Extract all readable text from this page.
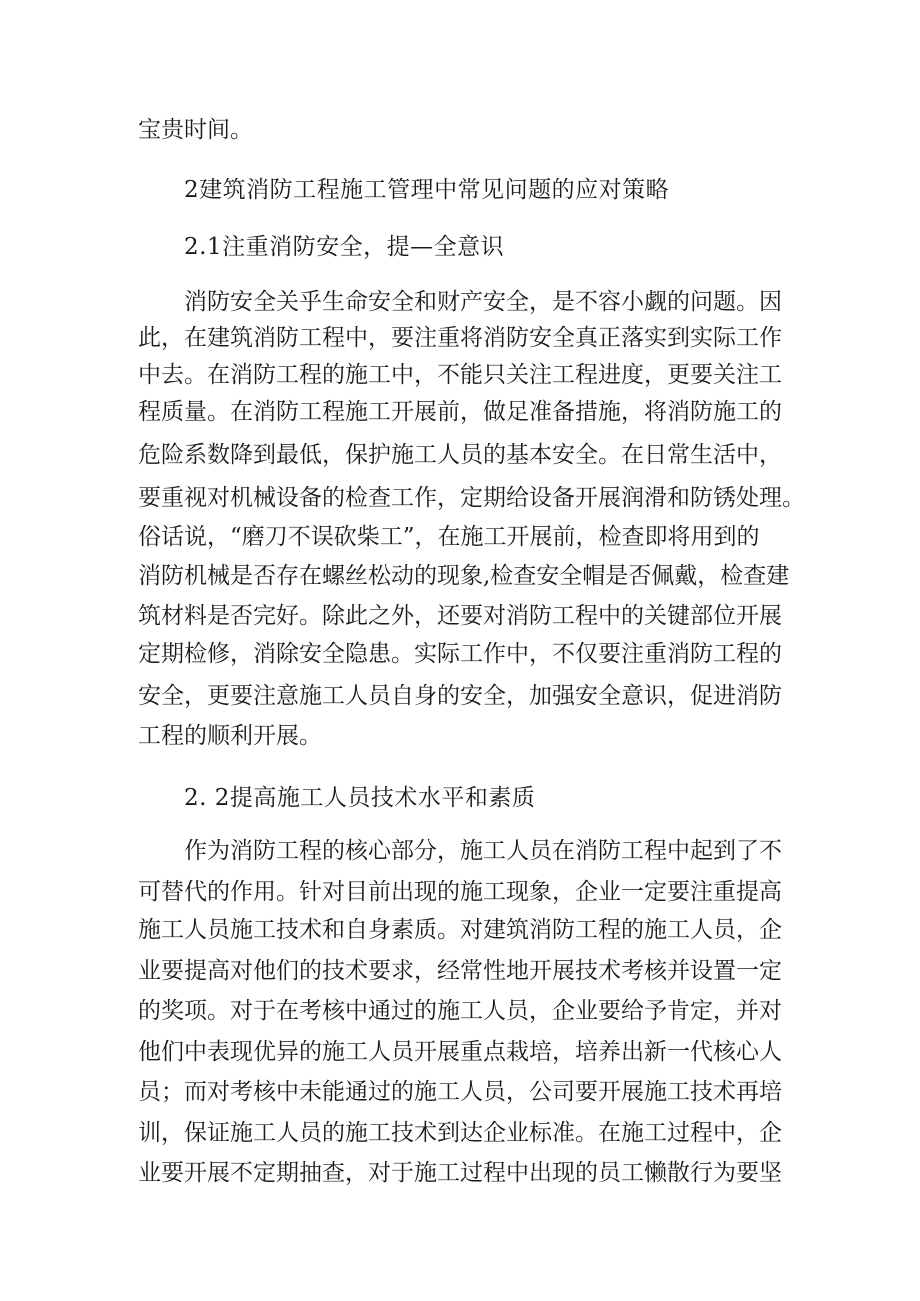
宝贵时间。
2建筑消防工程施工管理中常见问题的应对策略
2.1注重消防安全，提—全意识
消防安全关乎生命安全和财产安全，是不容小觑的问题。因
此，在建筑消防工程中，要注重将消防安全真正落实到实际工作
中去。在消防工程的施工中，不能只关注工程进度，更要关注工
程质量。在消防工程施工开展前，做足准备措施，将消防施工的
危险系数降到最低，保护施工人员的基本安全。在日常生活中，
要重视对机械设备的检查工作，定期给设备开展润滑和防锈处理。
俗话说，“磨刀不误砍柴工”，在施工开展前，检查即将用到的
消防机械是否存在螺丝松动的现象,检查安全帽是否佩戴，检查建
筑材料是否完好。除此之外，还要对消防工程中的关键部位开展
定期检修，消除安全隐患。实际工作中，不仅要注重消防工程的
安全，更要注意施工人员自身的安全，加强安全意识，促进消防
工程的顺利开展。
2. 2提高施工人员技术水平和素质
作为消防工程的核心部分，施工人员在消防工程中起到了不
可替代的作用。针对目前出现的施工现象，企业一定要注重提高
施工人员施工技术和自身素质。对建筑消防工程的施工人员，企
业要提高对他们的技术要求，经常性地开展技术考核并设置一定
的奖项。对于在考核中通过的施工人员，企业要给予肯定，并对
他们中表现优异的施工人员开展重点栽培，培养出新一代核心人
员；而对考核中未能通过的施工人员，公司要开展施工技术再培
训，保证施工人员的施工技术到达企业标准。在施工过程中，企
业要开展不定期抽查，对于施工过程中出现的员工懒散行为要坚
